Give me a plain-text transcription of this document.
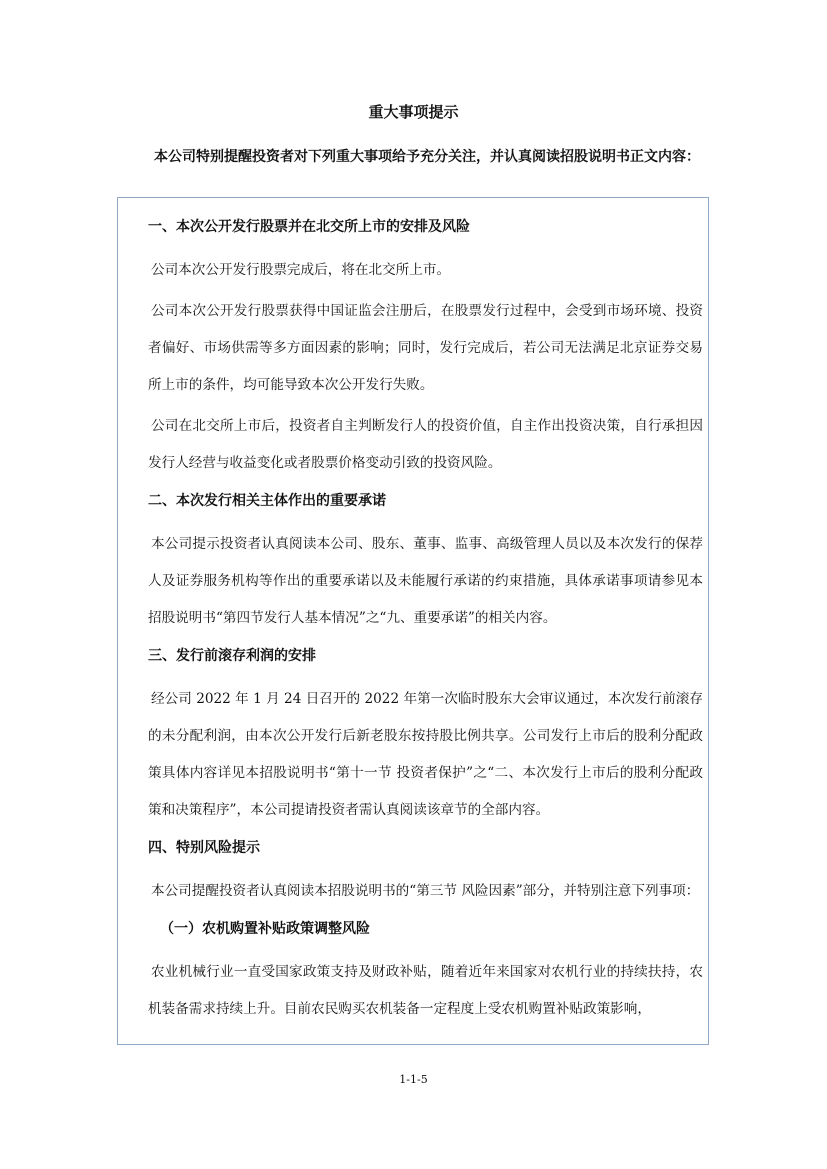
重大事项提示
本公司特别提醒投资者对下列重大事项给予充分关注，并认真阅读招股说明书正文内容：
一、本次公开发行股票并在北交所上市的安排及风险

公司本次公开发行股票完成后，将在北交所上市。

公司本次公开发行股票获得中国证监会注册后，在股票发行过程中，会受到市场环境、投资者偏好、市场供需等多方面因素的影响；同时，发行完成后，若公司无法满足北京证券交易所上市的条件，均可能导致本次公开发行失败。

公司在北交所上市后，投资者自主判断发行人的投资价值，自主作出投资决策，自行承担因发行人经营与收益变化或者股票价格变动引致的投资风险。

二、本次发行相关主体作出的重要承诺

本公司提示投资者认真阅读本公司、股东、董事、监事、高级管理人员以及本次发行的保荐人及证券服务机构等作出的重要承诺以及未能履行承诺的约束措施，具体承诺事项请参见本招股说明书“第四节发行人基本情况”之“九、重要承诺”的相关内容。

三、发行前滚存利润的安排

经公司 2022 年 1 月 24 日召开的 2022 年第一次临时股东大会审议通过，本次发行前滚存的未分配利润，由本次公开发行后新老股东按持股比例共享。公司发行上市后的股利分配政策具体内容详见本招股说明书“第十一节 投资者保护”之“二、本次发行上市后的股利分配政策和决策程序”，本公司提请投资者需认真阅读该章节的全部内容。

四、特别风险提示

本公司提醒投资者认真阅读本招股说明书的“第三节 风险因素”部分，并特别注意下列事项：

（一）农机购置补贴政策调整风险

农业机械行业一直受国家政策支持及财政补贴，随着近年来国家对农机行业的持续扶持，农机装备需求持续上升。目前农民购买农机装备一定程度上受农机购置补贴政策影响，

1-1-5
